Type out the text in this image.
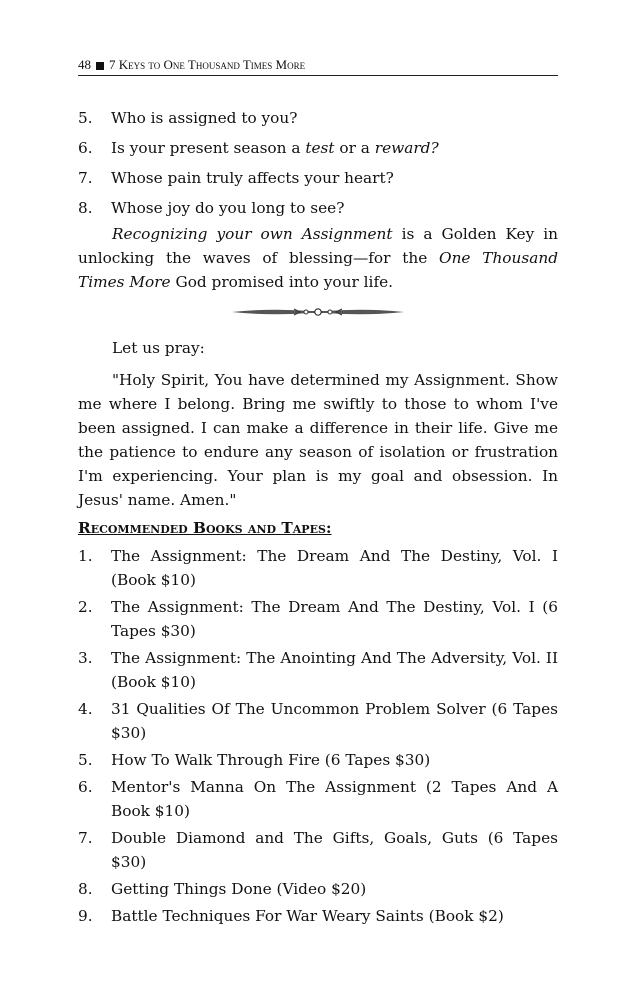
48 7 Keys to One Thousand Times More
5. Who is assigned to you?
6. Is your present season a test or a reward?
7. Whose pain truly affects your heart?
8. Whose joy do you long to see?

Recognizing your own Assignment is a Golden Key in unlocking the waves of blessing—for the One Thousand Times More God promised into your life.

Let us pray:

"Holy Spirit, You have determined my Assignment. Show me where I belong. Bring me swiftly to those to whom I've been assigned. I can make a difference in their life. Give me the patience to endure any season of isolation or frustration I'm experiencing. Your plan is my goal and obsession. In Jesus' name. Amen."

Recommended Books and Tapes:
1. The Assignment: The Dream And The Destiny, Vol. I (Book $10)
2. The Assignment: The Dream And The Destiny, Vol. I (6 Tapes $30)
3. The Assignment: The Anointing And The Adversity, Vol. II (Book $10)
4. 31 Qualities Of The Uncommon Problem Solver (6 Tapes $30)
5. How To Walk Through Fire (6 Tapes $30)
6. Mentor's Manna On The Assignment (2 Tapes And A Book $10)
7. Double Diamond and The Gifts, Goals, Guts (6 Tapes $30)
8. Getting Things Done (Video $20)
9. Battle Techniques For War Weary Saints (Book $2)
